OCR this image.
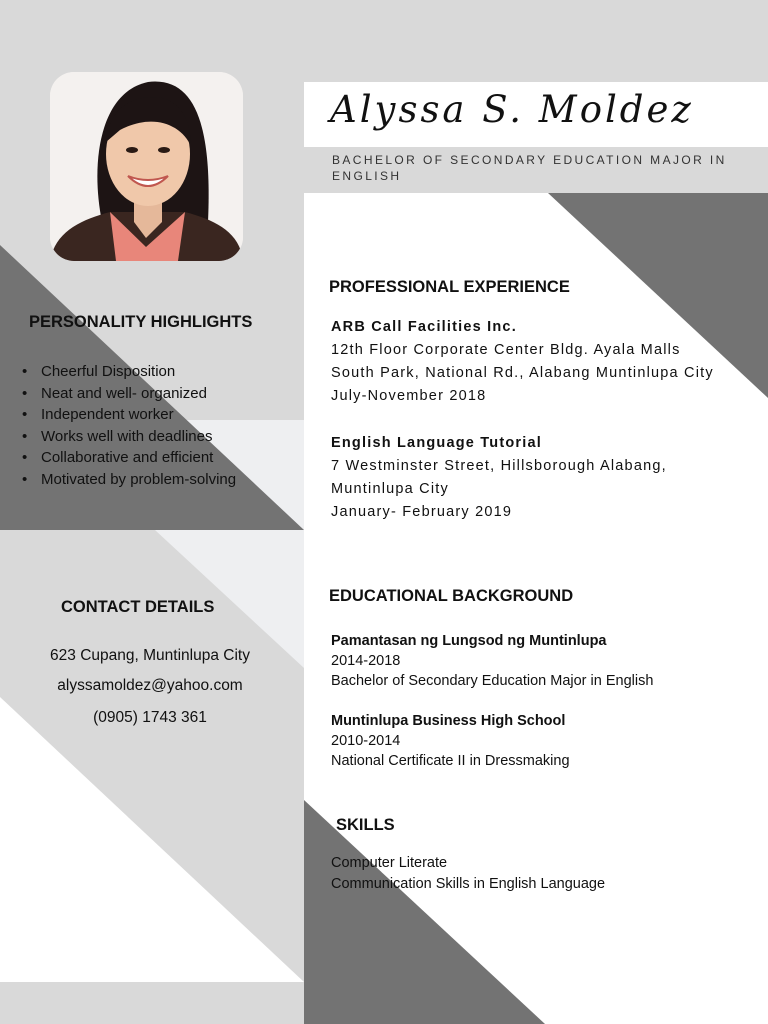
Alyssa S. Moldez
BACHELOR OF SECONDARY EDUCATION MAJOR IN ENGLISH
PERSONALITY HIGHLIGHTS
• Cheerful Disposition
• Neat and well- organized
• Independent worker
• Works well with deadlines
• Collaborative and efficient
• Motivated by problem-solving
CONTACT DETAILS
623 Cupang, Muntinlupa City
alyssamoldez@yahoo.com
(0905) 1743 361
PROFESSIONAL EXPERIENCE
ARB Call Facilities Inc.
12th Floor Corporate Center Bldg. Ayala Malls
South Park, National Rd., Alabang Muntinlupa City
July-November 2018
English Language Tutorial
7 Westminster Street, Hillsborough Alabang,
Muntinlupa City
January- February 2019
EDUCATIONAL BACKGROUND
Pamantasan ng Lungsod ng Muntinlupa
2014-2018
Bachelor of Secondary Education Major in English
Muntinlupa Business High School
2010-2014
National Certificate II in Dressmaking
SKILLS
Computer Literate
Communication Skills in English Language
